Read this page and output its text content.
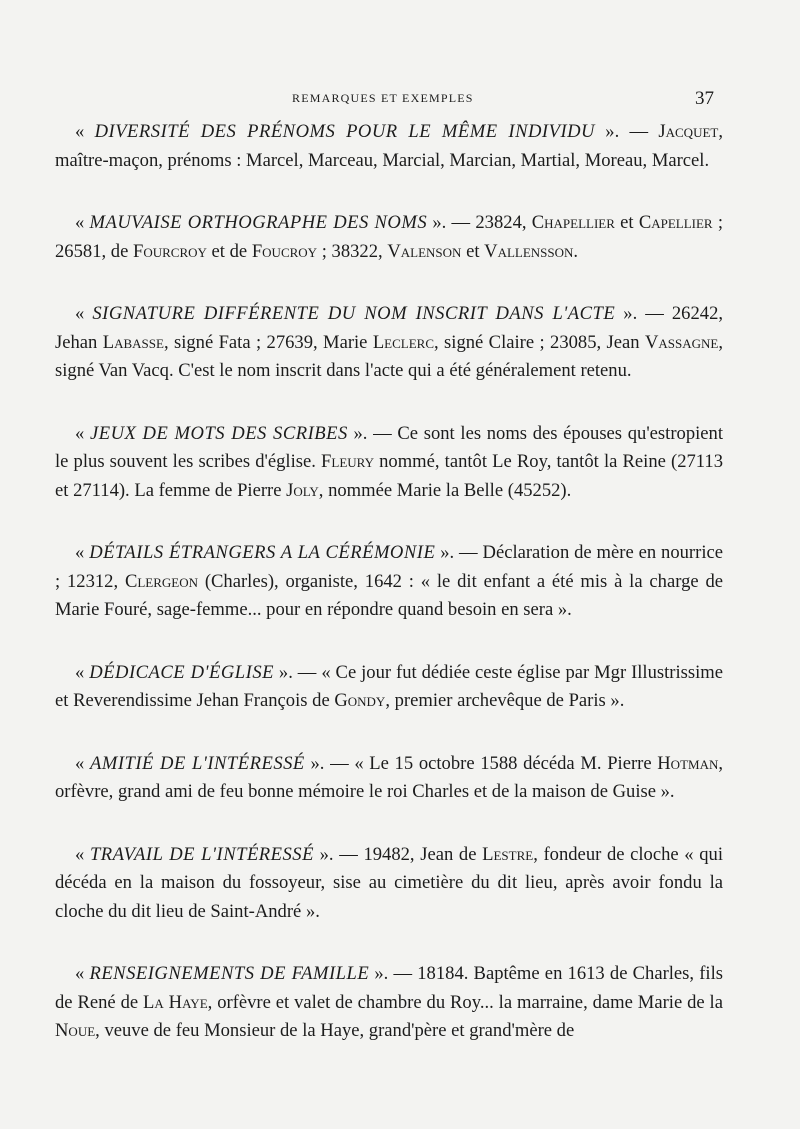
REMARQUES ET EXEMPLES	37

« DIVERSITÉ DES PRÉNOMS POUR LE MÊME INDIVIDU ». — Jacquet, maître-maçon, prénoms : Marcel, Marceau, Marcial, Marcian, Martial, Moreau, Marcel.

« MAUVAISE ORTHOGRAPHE DES NOMS ». — 23824, Chapellier et Capellier ; 26581, de Fourcroy et de Foucroy ; 38322, Valenson et Vallensson.

« SIGNATURE DIFFÉRENTE DU NOM INSCRIT DANS L'ACTE ». — 26242, Jehan Labasse, signé Fata ; 27639, Marie Leclerc, signé Claire ; 23085, Jean Vassagne, signé Van Vacq. C'est le nom inscrit dans l'acte qui a été généralement retenu.

« JEUX DE MOTS DES SCRIBES ». — Ce sont les noms des épouses qu'estropient le plus souvent les scribes d'église. Fleury nommé, tantôt Le Roy, tantôt la Reine (27113 et 27114). La femme de Pierre Joly, nommée Marie la Belle (45252).

« DÉTAILS ÉTRANGERS A LA CÉRÉMONIE ». — Déclaration de mère en nourrice ; 12312, Clergeon (Charles), organiste, 1642 : « le dit enfant a été mis à la charge de Marie Fouré, sage-femme... pour en répondre quand besoin en sera ».

« DÉDICACE D'ÉGLISE ». — « Ce jour fut dédiée ceste église par Mgr Illustrissime et Reverendissime Jehan François de Gondy, premier archevêque de Paris ».

« AMITIÉ DE L'INTÉRESSÉ ». — « Le 15 octobre 1588 décéda M. Pierre Hotman, orfèvre, grand ami de feu bonne mémoire le roi Charles et de la maison de Guise ».

« TRAVAIL DE L'INTÉRESSÉ ». — 19482, Jean de Lestre, fondeur de cloche « qui décéda en la maison du fossoyeur, sise au cimetière du dit lieu, après avoir fondu la cloche du dit lieu de Saint-André ».

« RENSEIGNEMENTS DE FAMILLE ». — 18184. Baptême en 1613 de Charles, fils de René de La Haye, orfèvre et valet de chambre du Roy... la marraine, dame Marie de la Noue, veuve de feu Monsieur de la Haye, grand'père et grand'mère de
